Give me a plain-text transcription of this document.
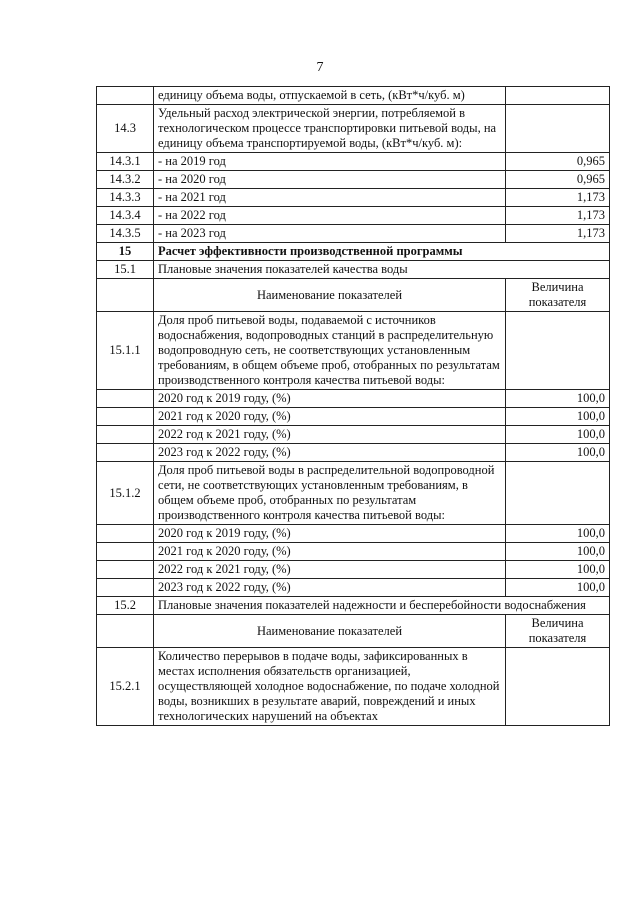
7
	единицу объема воды, отпускаемой в сеть, (кВт*ч/куб. м)	
14.3	Удельный расход электрической энергии, потребляемой в технологическом процессе транспортировки питьевой воды, на единицу объема транспортируемой воды, (кВт*ч/куб. м):	
14.3.1	- на 2019 год	0,965
14.3.2	- на 2020 год	0,965
14.3.3	- на 2021 год	1,173
14.3.4	- на 2022 год	1,173
14.3.5	- на 2023 год	1,173
15	Расчет эффективности производственной программы	
15.1	Плановые значения показателей качества воды	
	Наименование показателей	Величина показателя
15.1.1	Доля проб питьевой воды, подаваемой с источников водоснабжения, водопроводных станций в распределительную водопроводную сеть, не соответствующих установленным требованиям, в общем объеме проб, отобранных по результатам производственного контроля качества питьевой воды:	
	2020 год к 2019 году, (%)	100,0
	2021 год к 2020 году, (%)	100,0
	2022 год к 2021 году, (%)	100,0
	2023 год к 2022 году, (%)	100,0
15.1.2	Доля проб питьевой воды в распределительной водопроводной сети, не соответствующих установленным требованиям, в общем объеме проб, отобранных по результатам производственного контроля качества питьевой воды:	
	2020 год к 2019 году, (%)	100,0
	2021 год к 2020 году, (%)	100,0
	2022 год к 2021 году, (%)	100,0
	2023 год к 2022 году, (%)	100,0
15.2	Плановые значения показателей надежности и бесперебойности водоснабжения	
	Наименование показателей	Величина показателя
15.2.1	Количество перерывов в подаче воды, зафиксированных в местах исполнения обязательств организацией, осуществляющей холодное водоснабжение, по подаче холодной воды, возникших в результате аварий, повреждений и иных технологических нарушений на объектах	
